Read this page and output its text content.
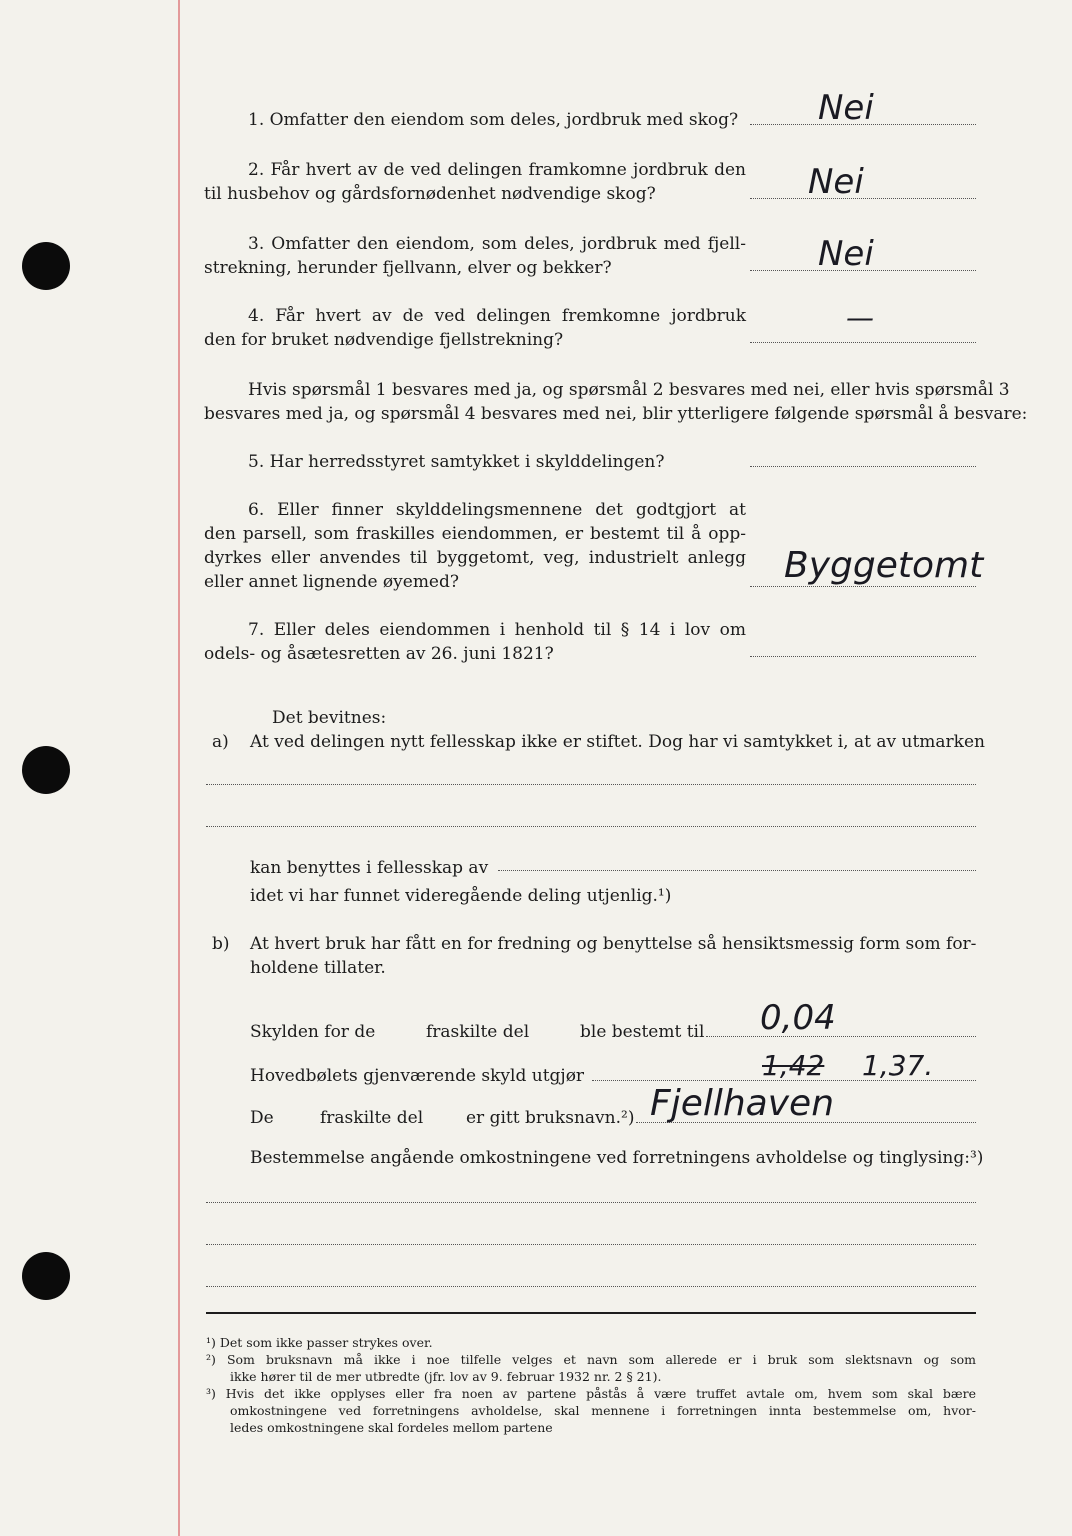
1. Omfatter den eiendom som deles, jordbruk med skog? Nei
2. Får hvert av de ved delingen framkomne jordbruk den
til husbehov og gårdsfornødenhet nødvendige skog?	Nei
3. Omfatter den eiendom, som deles, jordbruk med fjell-
strekning, herunder fjellvann, elver og bekker?	Nei
4. Får hvert av de ved delingen fremkomne jordbruk
den for bruket nødvendige fjellstrekning?
—
Hvis spørsmål 1 besvares med ja, og spørsmål 2 besvares med nei, eller hvis spørsmål 3
besvares med ja, og spørsmål 4 besvares med nei, blir ytterligere følgende spørsmål å besvare:
5. Har herredsstyret samtykket i skylddelingen?
6. Eller finner skylddelingsmennene det godtgjort at
den parsell, som fraskilles eiendommen, er bestemt til å opp-
dyrkes eller anvendes til byggetomt, veg, industrielt anlegg
eller annet lignende øyemed?	Byggetomt
7. Eller deles eiendommen i henhold til § 14 i lov om
odels- og åsætesretten av 26. juni 1821?
Det bevitnes:
a) At ved delingen nytt fellesskap ikke er stiftet. Dog har vi samtykket i, at av utmarken
kan benyttes i fellesskap av
idet vi har funnet videregående deling utjenlig.¹)
b) At hvert bruk har fått en for fredning og benyttelse så hensiktsmessig form som for-
holdene tillater.
Skylden for de	fraskilte del	ble bestemt til 0,04
Hovedbølets gjenværende skyld utgjør	1,42 1,37.
De	fraskilte del	er gitt bruksnavn.²) Fjellhaven
Bestemmelse angående omkostningene ved forretningens avholdelse og tinglysing:³)
¹) Det som ikke passer strykes over.
²) Som bruksnavn må ikke i noe tilfelle velges et navn som allerede er i bruk som slektsnavn og som
ikke hører til de mer utbredte (jfr. lov av 9. februar 1932 nr. 2 § 21).
³) Hvis det ikke opplyses eller fra noen av partene påstås å være truffet avtale om, hvem som skal bære
omkostningene ved forretningens avholdelse, skal mennene i forretningen innta bestemmelse om, hvor-
ledes omkostningene skal fordeles mellom partene
